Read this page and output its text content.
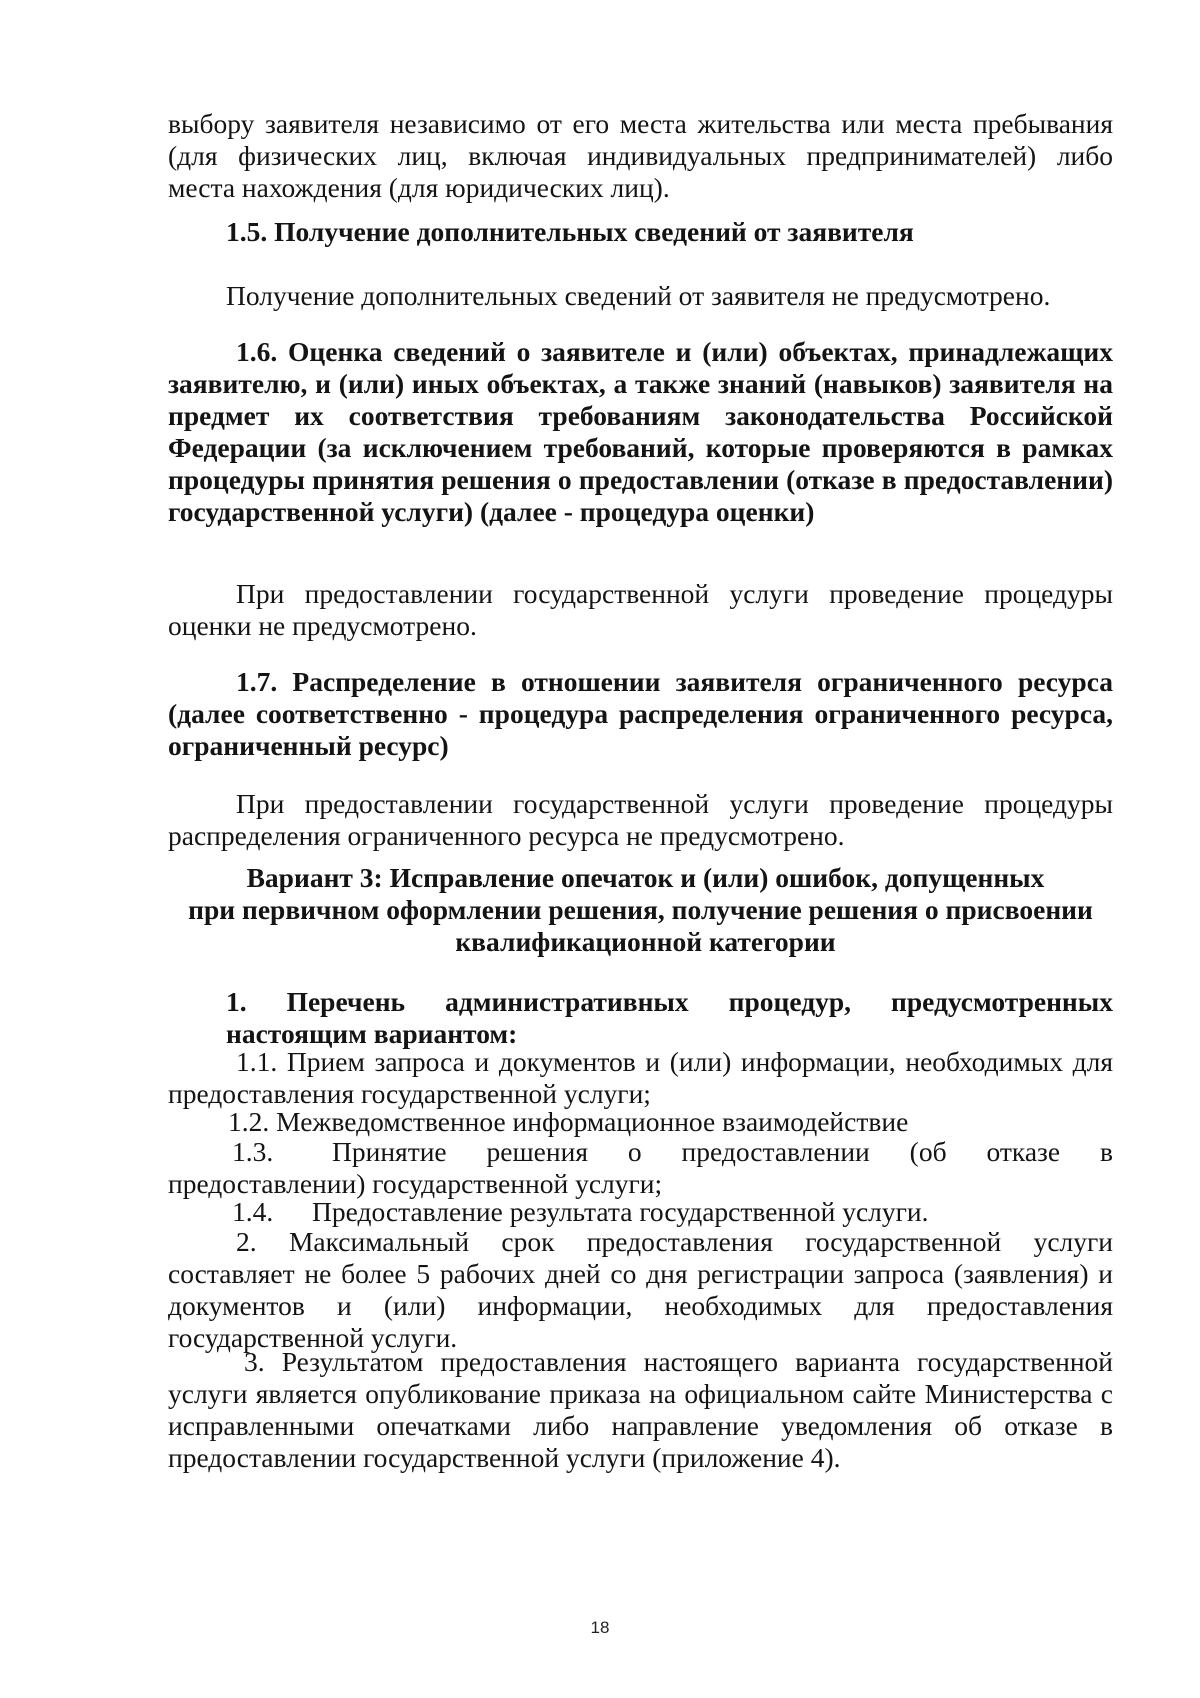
выбору заявителя независимо от его места жительства или места пребывания
(для физических лиц, включая индивидуальных предпринимателей) либо
места нахождения (для юридических лиц).
1.5. Получение дополнительных сведений от заявителя
Получение дополнительных сведений от заявителя не предусмотрено.

1.6. Оценка сведений о заявителе и (или) объектах, принадлежащих заявителю, и (или) иных объектах, а также знаний (навыков) заявителя на предмет их соответствия требованиям законодательства Российской Федерации (за исключением требований, которые проверяются в рамках процедуры принятия решения о предоставлении (отказе в предоставлении) государственной услуги) (далее - процедура оценки)

При предоставлении государственной услуги проведение процедуры оценки не предусмотрено.

1.7. Распределение в отношении заявителя ограниченного ресурса (далее соответственно - процедура распределения ограниченного ресурса, ограниченный ресурс)

При предоставлении государственной услуги проведение процедуры распределения ограниченного ресурса не предусмотрено.

Вариант 3: Исправление опечаток и (или) ошибок, допущенных
при первичном оформлении решения, получение решения о присвоении
квалификационной категории
1. Перечень административных процедур, предусмотренных
настоящим вариантом:

1.1. Прием запроса и документов и (или) информации, необходимых для предоставления государственной услуги;

1.2. Межведомственное информационное взаимодействие
1.3.	Принятие решения о предоставлении (об отказе в
предоставлении) государственной услуги;
1.4.	Предоставление результата государственной услуги.

2. Максимальный срок предоставления государственной услуги составляет не более 5 рабочих дней со дня регистрации запроса (заявления) и документов и (или) информации, необходимых для предоставления государственной услуги.

3. Результатом предоставления настоящего варианта государственной услуги является опубликование приказа на официальном сайте Министерства с исправленными опечатками либо направление уведомления об отказе в предоставлении государственной услуги (приложение 4).

18
